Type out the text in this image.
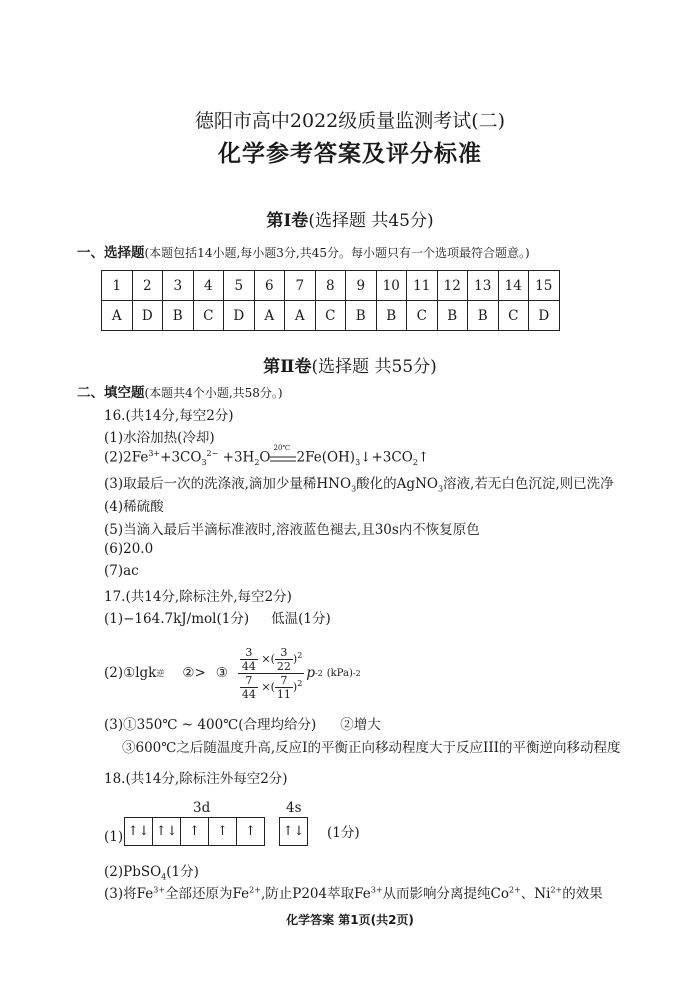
德阳市高中2022级质量监测考试(二)
化学参考答案及评分标准
第Ⅰ卷(选择题 共45分)
一、选择题(本题包括14小题,每小题3分,共45分。每小题只有一个选项最符合题意。)
1	2	3	4	5	6	7	8	9	10	11	12	13	14	15
A	D	B	C	D	A	A	C	B	B	C	B	B	C	D
第Ⅱ卷(选择题 共55分)
二、填空题(本题共4个小题,共58分。)
16.(共14分,每空2分)
(1)水浴加热(冷却)
$(2)2Fe^{3+}+3CO_3^{2-} +3H_2O$
20℃
$2Fe(OH)_3↓+3CO_2↑$
(3)取最后一次的洗涤液,滴加少量稀$HNO_3$酸化的AgNO$_3$溶液,若无白色沉淀,则已洗净
(4)稀硫酸
(5)当滴入最后半滴标准液时,溶液蓝色褪去,且30s内不恢复原色
(6)20.0
(7)ac
17.(共14分,除标注外,每空2分)
(1)−164.7kJ/mol(1分) 低温(1分)
(2)①lgk 逆 ②> ③ $\frac{\frac{3}{44} \times( \frac{3}{22} )^2}{\frac{7}{44} \times( \frac{7}{11} )^2}$ p -2 (kPa) -2
(3)①350℃ ~ 400℃(合理均给分) ②增大
③600℃之后随温度升高,反应I的平衡正向移动程度大于反应III的平衡逆向移动程度
18.(共14分,除标注外每空2分)
3d	4s
(1) ↑↓ ↑↓ ↑ ↑ ↑	↑↓ (1分)
(2)PbSO$_4$(1分)
(3)将$Fe^{3+}$全部还原为$Fe^{2+}$,防止P204萃取$Fe^{3+}$从而影响分离提纯$Co^{2+}$、$Ni^{2+}$的效果
化学答案 第1页(共2页)
